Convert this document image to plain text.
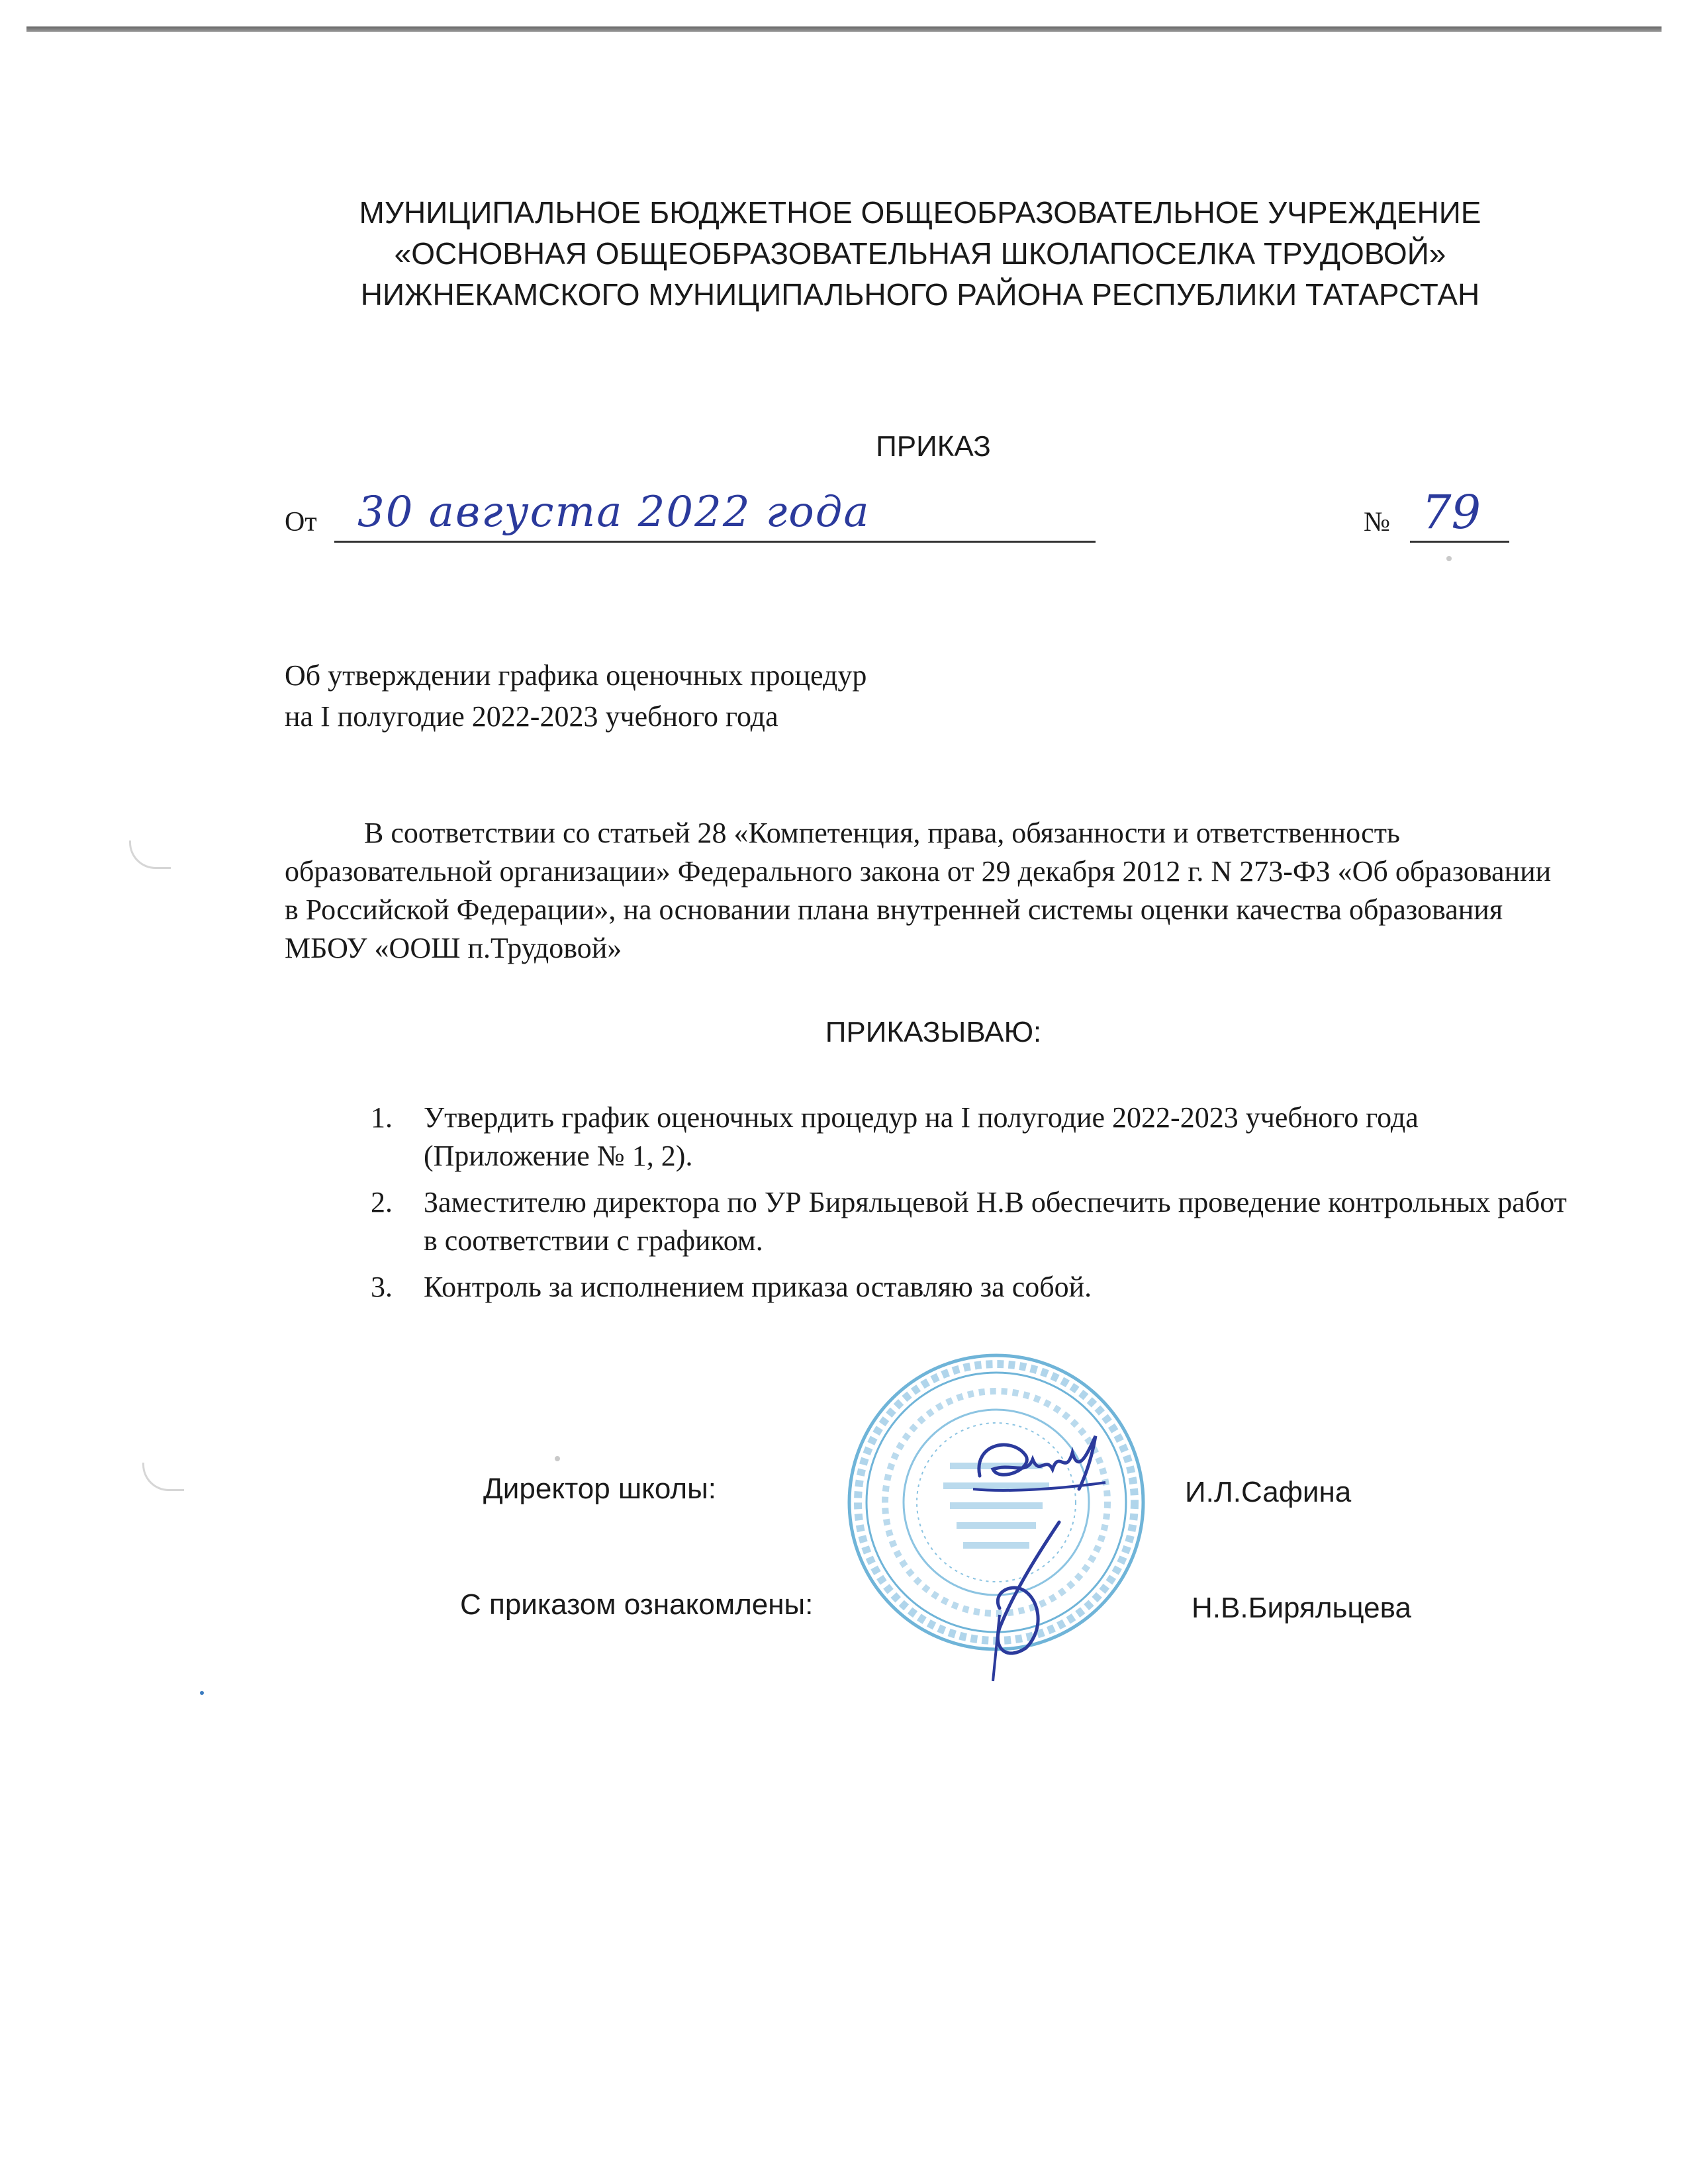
МУНИЦИПАЛЬНОЕ БЮДЖЕТНОЕ ОБЩЕОБРАЗОВАТЕЛЬНОЕ УЧРЕЖДЕНИЕ
«ОСНОВНАЯ ОБЩЕОБРАЗОВАТЕЛЬНАЯ ШКОЛАПОСЕЛКА ТРУДОВОЙ»
НИЖНЕКАМСКОГО МУНИЦИПАЛЬНОГО РАЙОНА РЕСПУБЛИКИ ТАТАРСТАН
ПРИКАЗ
От 30 августа 2022 года	№ 79
Об утверждении графика оценочных процедур
на I полугодие 2022-2023 учебного года
В соответствии со статьей 28 «Компетенция, права, обязанности и ответственность образовательной организации» Федерального закона от 29 декабря 2012 г. N 273-ФЗ «Об образовании в Российской Федерации», на основании плана внутренней системы оценки качества образования МБОУ «ООШ п.Трудовой»
ПРИКАЗЫВАЮ:
1. Утвердить график оценочных процедур на I полугодие 2022-2023 учебного года (Приложение № 1, 2).
2. Заместителю директора по УР Биряльцевой Н.В обеспечить проведение контрольных работ в соответствии с графиком.
3. Контроль за исполнением приказа оставляю за собой.
Директор школы:	И.Л.Сафина
С приказом ознакомлены:	Н.В.Биряльцева
